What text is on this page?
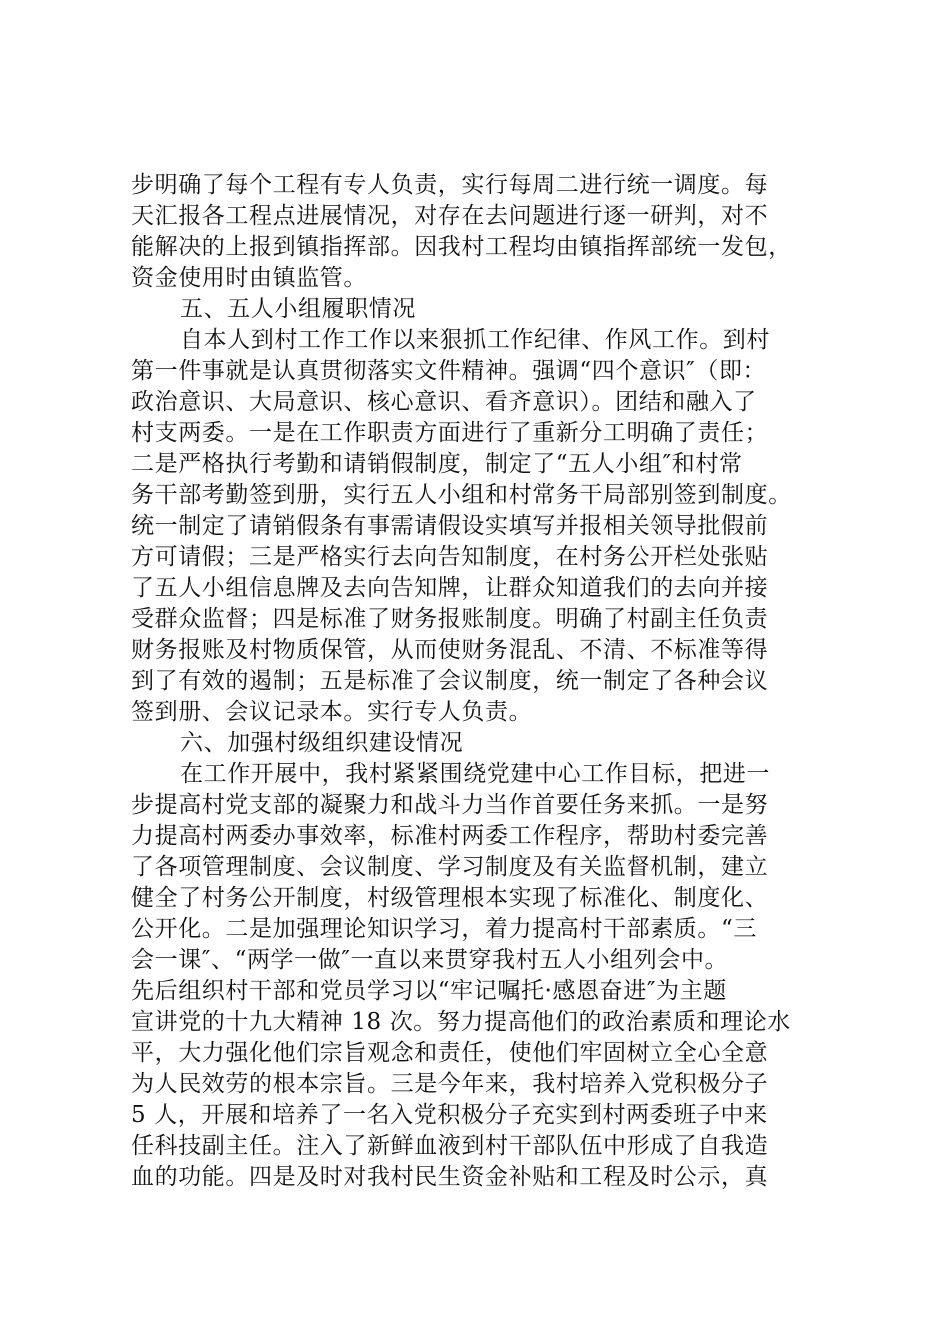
步明确了每个工程有专人负责，实行每周二进行统一调度。每
天汇报各工程点进展情况，对存在去问题进行逐一研判，对不
能解决的上报到镇指挥部。因我村工程均由镇指挥部统一发包，
资金使用时由镇监管。
五、五人小组履职情况
自本人到村工作工作以来狠抓工作纪律、作风工作。到村
第一件事就是认真贯彻落实文件精神。强调“四个意识″（即：
政治意识、大局意识、核心意识、看齐意识）。团结和融入了
村支两委。一是在工作职责方面进行了重新分工明确了责任；
二是严格执行考勤和请销假制度，制定了“五人小组″和村常
务干部考勤签到册，实行五人小组和村常务干局部别签到制度。
统一制定了请销假条有事需请假设实填写并报相关领导批假前
方可请假；三是严格实行去向告知制度，在村务公开栏处张贴
了五人小组信息牌及去向告知牌，让群众知道我们的去向并接
受群众监督；四是标准了财务报账制度。明确了村副主任负责
财务报账及村物质保管，从而使财务混乱、不清、不标准等得
到了有效的遏制；五是标准了会议制度，统一制定了各种会议
签到册、会议记录本。实行专人负责。
六、加强村级组织建设情况
在工作开展中，我村紧紧围绕党建中心工作目标，把进一
步提高村党支部的凝聚力和战斗力当作首要任务来抓。一是努
力提高村两委办事效率，标准村两委工作程序，帮助村委完善
了各项管理制度、会议制度、学习制度及有关监督机制，建立
健全了村务公开制度，村级管理根本实现了标准化、制度化、
公开化。二是加强理论知识学习，着力提高村干部素质。“三
会一课″、“两学一做″一直以来贯穿我村五人小组列会中。
先后组织村干部和党员学习以“牢记嘱托·感恩奋进″为主题
宣讲党的十九大精神 18 次。努力提高他们的政治素质和理论水
平，大力强化他们宗旨观念和责任，使他们牢固树立全心全意
为人民效劳的根本宗旨。三是今年来，我村培养入党积极分子
5 人，开展和培养了一名入党积极分子充实到村两委班子中来
任科技副主任。注入了新鲜血液到村干部队伍中形成了自我造
血的功能。四是及时对我村民生资金补贴和工程及时公示，真
